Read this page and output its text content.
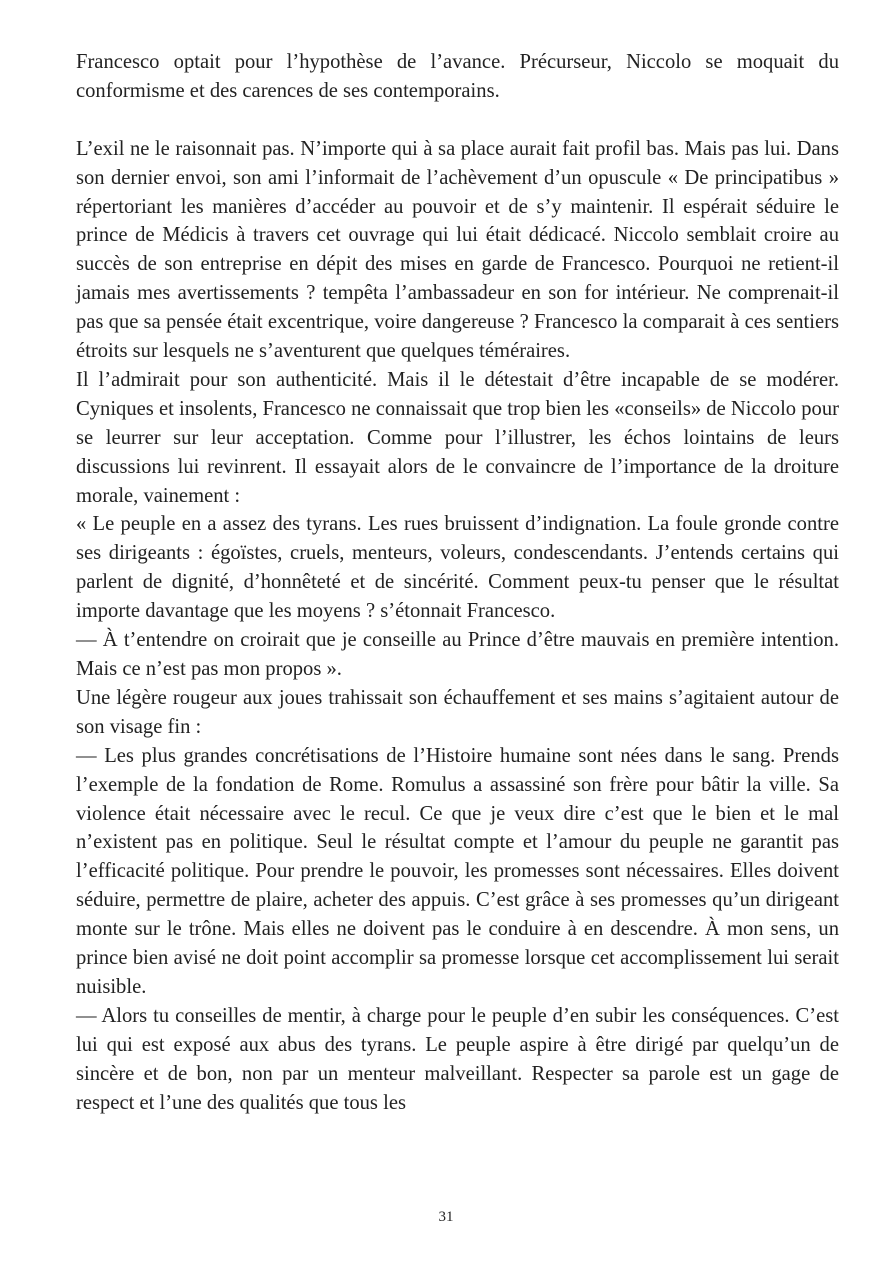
Francesco optait pour l’hypothèse de l’avance. Précurseur, Niccolo se moquait du conformisme et des carences de ses contemporains.

L’exil ne le raisonnait pas. N’importe qui à sa place aurait fait profil bas. Mais pas lui. Dans son dernier envoi, son ami l’informait de l’achèvement d’un opuscule « De principatibus » répertoriant les manières d’accéder au pouvoir et de s’y maintenir. Il espérait séduire le prince de Médicis à travers cet ouvrage qui lui était dédicacé. Niccolo semblait croire au succès de son entreprise en dépit des mises en garde de Francesco. Pourquoi ne retient-il jamais mes avertissements ? tempêta l’ambassadeur en son for intérieur. Ne comprenait-il pas que sa pensée était excentrique, voire dangereuse ? Francesco la comparait à ces sentiers étroits sur lesquels ne s’aventurent que quelques téméraires.

Il l’admirait pour son authenticité. Mais il le détestait d’être incapable de se modérer. Cyniques et insolents, Francesco ne connaissait que trop bien les «conseils» de Niccolo pour se leurrer sur leur acceptation. Comme pour l’illustrer, les échos lointains de leurs discussions lui revinrent. Il essayait alors de le convaincre de l’importance de la droiture morale, vainement :

« Le peuple en a assez des tyrans. Les rues bruissent d’indignation. La foule gronde contre ses dirigeants : égoïstes, cruels, menteurs, voleurs, condescendants. J’entends certains qui parlent de dignité, d’honnêteté et de sincérité. Comment peux-tu penser que le résultat importe davantage que les moyens ? s’étonnait Francesco.

— À t’entendre on croirait que je conseille au Prince d’être mauvais en première intention. Mais ce n’est pas mon propos ».

Une légère rougeur aux joues trahissait son échauffement et ses mains s’agitaient autour de son visage fin :

— Les plus grandes concrétisations de l’Histoire humaine sont nées dans le sang. Prends l’exemple de la fondation de Rome. Romulus a assassiné son frère pour bâtir la ville. Sa violence était nécessaire avec le recul. Ce que je veux dire c’est que le bien et le mal n’existent pas en politique. Seul le résultat compte et l’amour du peuple ne garantit pas l’efficacité politique. Pour prendre le pouvoir, les promesses sont nécessaires. Elles doivent séduire, permettre de plaire, acheter des appuis. C’est grâce à ses promesses qu’un dirigeant monte sur le trône. Mais elles ne doivent pas le conduire à en descendre. À mon sens, un prince bien avisé ne doit point accomplir sa promesse lorsque cet accomplissement lui serait nuisible.

— Alors tu conseilles de mentir, à charge pour le peuple d’en subir les conséquences. C’est lui qui est exposé aux abus des tyrans. Le peuple aspire à être dirigé par quelqu’un de sincère et de bon, non par un menteur malveillant. Respecter sa parole est un gage de respect et l’une des qualités que tous les

31
